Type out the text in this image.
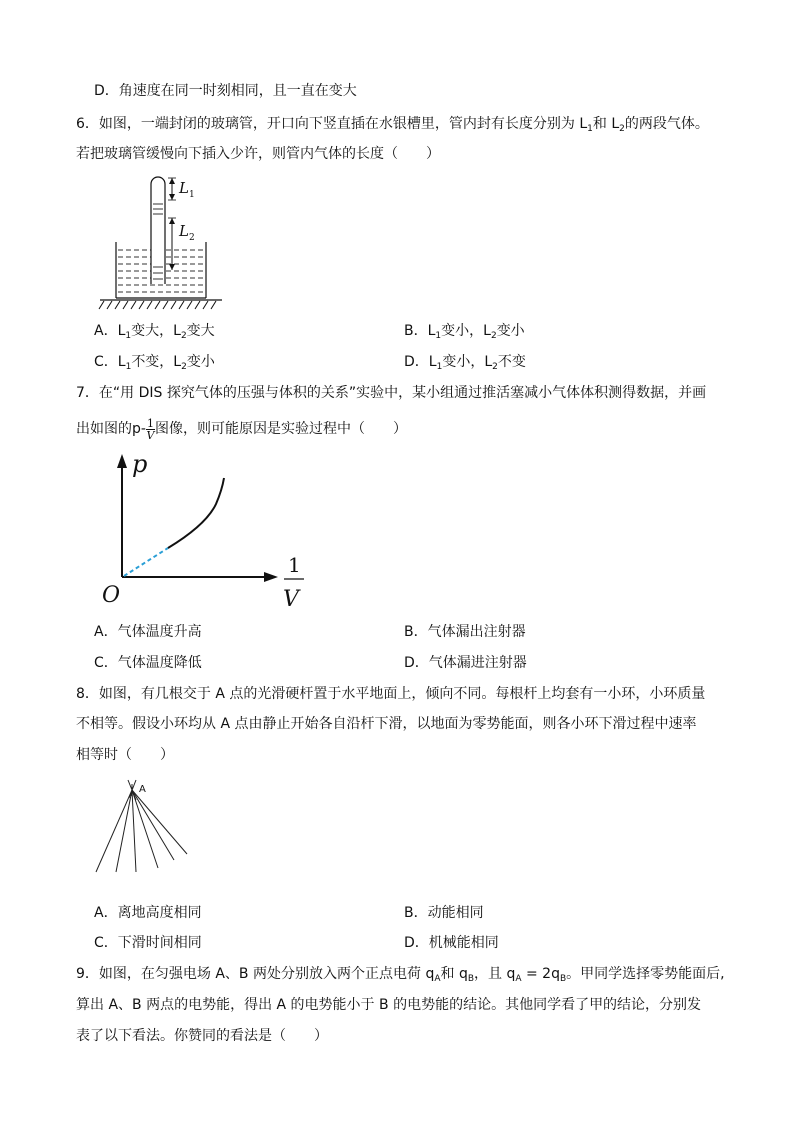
D．角速度在同一时刻相同，且一直在变大
6．如图，一端封闭的玻璃管，开口向下竖直插在水银槽里，管内封有长度分别为 $L_1$和 $L_2$的两段气体。
若把玻璃管缓慢向下插入少许，则管内气体的长度（　　）
L 1
L 2
A．$L_1$变大，$L_2$变大	B．$L_1$变小，$L_2$变小
C．$L_1$不变，$L_2$变小	D．$L_1$变小，$L_2$不变
7．在“用 DIS 探究气体的压强与体积的关系”实验中，某小组通过推活塞减小气体体积测得数据，并画
出如图的$p- \frac{1}{V}$ 图像，则可能原因是实验过程中（　　）
p
O
1
V
A．气体温度升高	B．气体漏出注射器
C．气体温度降低	D．气体漏进注射器
8．如图，有几根交于 A 点的光滑硬杆置于水平地面上，倾向不同。每根杆上均套有一小环，小环质量
不相等。假设小环均从 A 点由静止开始各自沿杆下滑，以地面为零势能面，则各小环下滑过程中速率
相等时（　　）
A
A．离地高度相同	B．动能相同
C．下滑时间相同	D．机械能相同
9．如图，在匀强电场 A、B 两处分别放入两个正点电荷 $q_A$和 $q_B$，且 $q_A = 2q_B$。甲同学选择零势能面后,
算出 A、B 两点的电势能，得出 A 的电势能小于 B 的电势能的结论。其他同学看了甲的结论，分别发
表了以下看法。你赞同的看法是（　　）
